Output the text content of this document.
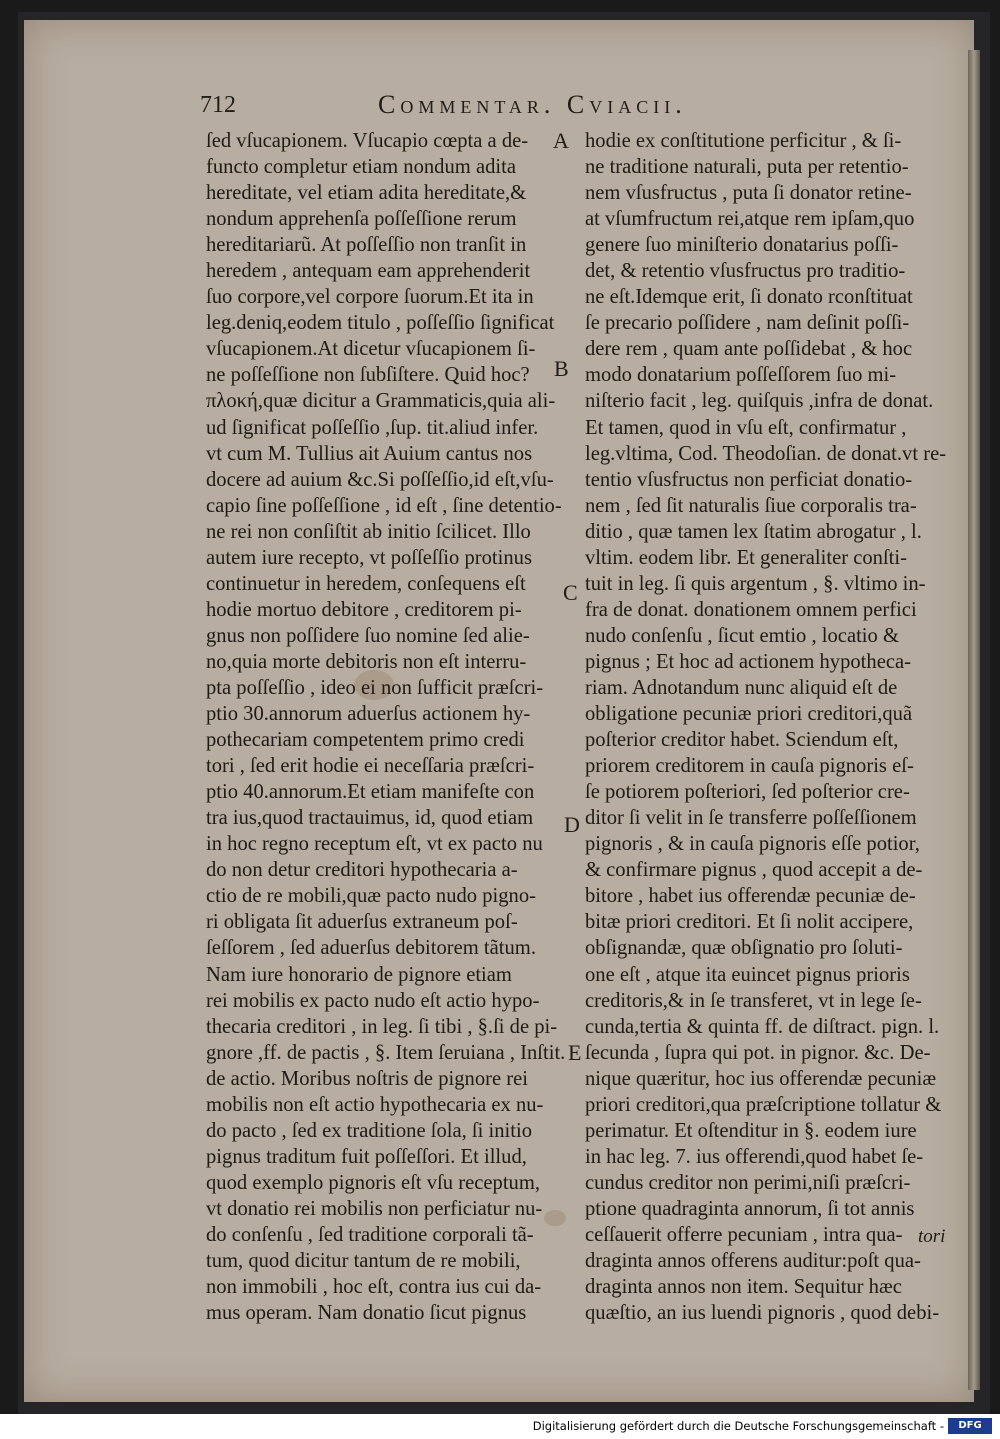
712	Commentar. Cviacii.
ſed vſucapionem. Vſucapio cœpta a de-
functo completur etiam nondum adita
hereditate, vel etiam adita hereditate,&
nondum apprehenſa poſſeſſione rerum
hereditariarũ. At poſſeſſio non tranſit in
heredem , antequam eam apprehenderit
ſuo corpore,vel corpore ſuorum.Et ita in
leg.deniq,eodem titulo , poſſeſſio ſignificat
vſucapionem.At dicetur vſucapionem ſi-
ne poſſeſſione non ſubſiſtere. Quid hoc?
πλοκή,quæ dicitur a Grammaticis,quia ali-
ud ſignificat poſſeſſio ,ſup. tit.aliud infer.
vt cum M. Tullius ait Auium cantus nos
docere ad auium &c.Si poſſeſſio,id eſt,vſu-
capio ſine poſſeſſione , id eſt , ſine detentio-
ne rei non conſiſtit ab initio ſcilicet. Illo
autem iure recepto, vt poſſeſſio protinus
continuetur in heredem, conſequens eſt
hodie mortuo debitore , creditorem pi-
gnus non poſſidere ſuo nomine ſed alie-
no,quia morte debitoris non eſt interru-
pta poſſeſſio , ideo ei non ſufficit præſcri-
ptio 30.annorum aduerſus actionem hy-
pothecariam competentem primo credi
tori , ſed erit hodie ei neceſſaria præſcri-
ptio 40.annorum.Et etiam manifeſte con
tra ius,quod tractauimus, id, quod etiam
in hoc regno receptum eſt, vt ex pacto nu
do non detur creditori hypothecaria a-
ctio de re mobili,quæ pacto nudo pigno-
ri obligata ſit aduerſus extraneum poſ-
ſeſſorem , ſed aduerſus debitorem tãtum.
Nam iure honorario de pignore etiam
rei mobilis ex pacto nudo eſt actio hypo-
thecaria creditori , in leg. ſi tibi , §.ſi de pi-
gnore ,ff. de pactis , §. Item ſeruiana , Inſtit.
de actio. Moribus noſtris de pignore rei
mobilis non eſt actio hypothecaria ex nu-
do pacto , ſed ex traditione ſola, ſi initio
pignus traditum fuit poſſeſſori. Et illud,
quod exemplo pignoris eſt vſu receptum,
vt donatio rei mobilis non perficiatur nu-
do conſenſu , ſed traditione corporali tã-
tum, quod dicitur tantum de re mobili,
non immobili , hoc eſt, contra ius cui da-
mus operam. Nam donatio ſicut pignus
hodie ex conſtitutione perficitur , & ſi-
ne traditione naturali, puta per retentio-
nem vſusfructus , puta ſi donator retine-
at vſumfructum rei,atque rem ipſam,quo
genere ſuo miniſterio donatarius poſſi-
det, & retentio vſusfructus pro traditio-
ne eſt.Idemque erit, ſi donato rconſtituat
ſe precario poſſidere , nam deſinit poſſi-
dere rem , quam ante poſſidebat , & hoc
modo donatarium poſſeſſorem ſuo mi-
niſterio facit , leg. quiſquis ,infra de donat.
Et tamen, quod in vſu eſt, confirmatur ,
leg.vltima, Cod. Theodoſian. de donat.vt re-
tentio vſusfructus non perficiat donatio-
nem , ſed ſit naturalis ſiue corporalis tra-
ditio , quæ tamen lex ſtatim abrogatur , l.
vltim. eodem libr. Et generaliter conſti-
tuit in leg. ſi quis argentum , §. vltimo in-
fra de donat. donationem omnem perfici
nudo conſenſu , ſicut emtio , locatio &
pignus ; Et hoc ad actionem hypotheca-
riam. Adnotandum nunc aliquid eſt de
obligatione pecuniæ priori creditori,quã
poſterior creditor habet. Sciendum eſt,
priorem creditorem in cauſa pignoris eſ-
ſe potiorem poſteriori, ſed poſterior cre-
ditor ſi velit in ſe transferre poſſeſſionem
pignoris , & in cauſa pignoris eſſe potior,
& confirmare pignus , quod accepit a de-
bitore , habet ius offerendæ pecuniæ de-
bitæ priori creditori. Et ſi nolit accipere,
obſignandæ, quæ obſignatio pro ſoluti-
one eſt , atque ita euincet pignus prioris
creditoris,& in ſe transferet, vt in lege ſe-
cunda,tertia & quinta ff. de diſtract. pign. l.
ſecunda , ſupra qui pot. in pignor. &c. De-
nique quæritur, hoc ius offerendæ pecuniæ
priori creditori,qua præſcriptione tollatur &
perimatur. Et oſtenditur in §. eodem iure
in hac leg. 7. ius offerendi,quod habet ſe-
cundus creditor non perimi,niſi præſcri-
ptione quadraginta annorum, ſi tot annis
ceſſauerit offerre pecuniam , intra qua-
draginta annos offerens auditur:poſt qua-
draginta annos non item. Sequitur hæc
quæſtio, an ius luendi pignoris , quod debi-
A
B
C
D
E
tori
Digitalisierung gefördert durch die Deutsche Forschungsgemeinschaft -	DFG
